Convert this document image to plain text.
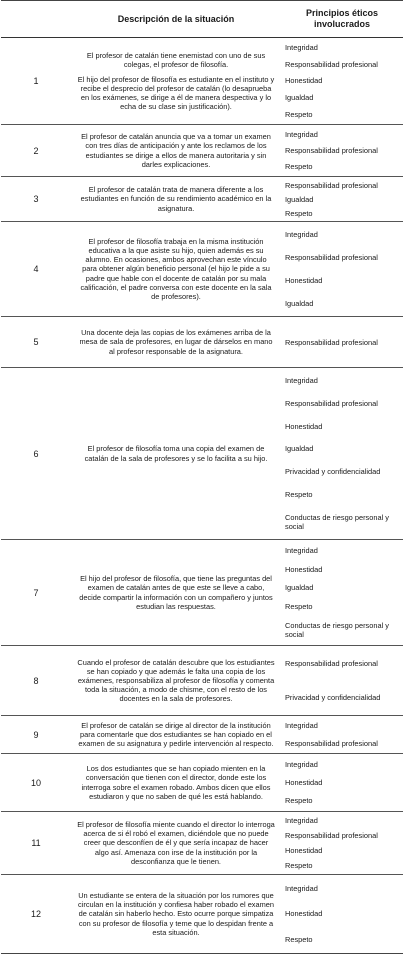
Descripción de la situación
Principios éticos involucrados
1

El profesor de catalán tiene enemistad con uno de sus colegas, el profesor de filosofía.

El hijo del profesor de filosofía es estudiante en el instituto y recibe el desprecio del profesor de catalán (lo desaprueba en los exámenes, se dirige a él de manera despectiva y lo echa de su clase sin justificación).

Integridad
Responsabilidad profesional
Honestidad
Igualdad
Respeto
2

El profesor de catalán anuncia que va a tomar un examen con tres días de anticipación y ante los reclamos de los estudiantes se dirige a ellos de manera autoritaria y sin darles explicaciones.

Integridad
Responsabilidad profesional
Respeto
3

El profesor de catalán trata de manera diferente a los estudiantes en función de su rendimiento académico en la asignatura.

Responsabilidad profesional
Igualdad
Respeto
4

El profesor de filosofía trabaja en la misma institución educativa a la que asiste su hijo, quien además es su alumno. En ocasiones, ambos aprovechan este vínculo para obtener algún beneficio personal (el hijo le pide a su padre que hable con el docente de catalán por su mala calificación, el padre conversa con este docente en la sala de profesores).

Integridad
Responsabilidad profesional
Honestidad
Igualdad
5

Una docente deja las copias de los exámenes arriba de la mesa de sala de profesores, en lugar de dárselos en mano al profesor responsable de la asignatura.

Responsabilidad profesional
6	El profesor de filosofía toma una copia del examen de catalán de la sala de profesores y se lo facilita a su hijo.

Integridad
Responsabilidad profesional
Honestidad
Igualdad
Privacidad y confidencialidad
Respeto
Conductas de riesgo personal y social
7

El hijo del profesor de filosofía, que tiene las preguntas del examen de catalán antes de que este se lleve a cabo, decide compartir la información con un compañero y juntos estudian las respuestas.

Integridad
Honestidad
Igualdad
Respeto
Conductas de riesgo personal y social
8

Cuando el profesor de catalán descubre que los estudiantes se han copiado y que además le falta una copia de los exámenes, responsabiliza al profesor de filosofía y comenta toda la situación, a modo de chisme, con el resto de los docentes en la sala de profesores.

Responsabilidad profesional
Privacidad y confidencialidad
9

El profesor de catalán se dirige al director de la institución para comentarle que dos estudiantes se han copiado en el examen de su asignatura y pedirle intervención al respecto.

Integridad
Responsabilidad profesional
10

Los dos estudiantes que se han copiado mienten en la conversación que tienen con el director, donde este los interroga sobre el examen robado. Ambos dicen que ellos estudiaron y que no saben de qué les está hablando.

Integridad
Honestidad
Respeto
11

El profesor de filosofía miente cuando el director lo interroga acerca de si él robó el examen, diciéndole que no puede creer que desconfíen de él y que sería incapaz de hacer algo así. Amenaza con irse de la institución por la desconfianza que le tienen.

Integridad
Responsabilidad profesional
Honestidad
Respeto
12

Un estudiante se entera de la situación por los rumores que circulan en la institución y confiesa haber robado el examen de catalán sin haberlo hecho. Esto ocurre porque simpatiza con su profesor de filosofía y teme que lo despidan frente a esta situación.

Integridad
Honestidad
Respeto
